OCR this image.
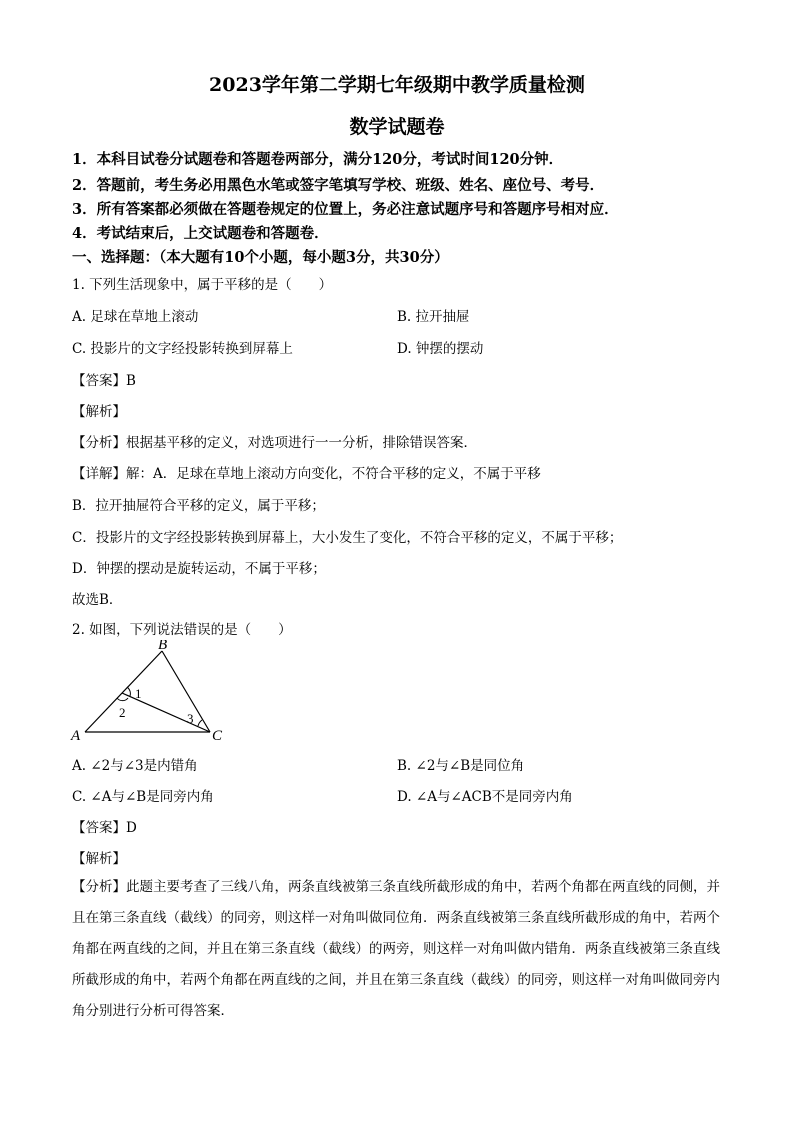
2023学年第二学期七年级期中教学质量检测
数学试题卷
1．本科目试卷分试题卷和答题卷两部分，满分120分，考试时间120分钟．
2．答题前，考生务必用黑色水笔或签字笔填写学校、班级、姓名、座位号、考号．
3．所有答案都必须做在答题卷规定的位置上，务必注意试题序号和答题序号相对应．
4．考试结束后，上交试题卷和答题卷．
一、选择题：（本大题有10个小题，每小题3分，共30分）
1. 下列生活现象中，属于平移的是（　　）
A. 足球在草地上滚动	B. 拉开抽屉
C. 投影片的文字经投影转换到屏幕上	D. 钟摆的摆动
【答案】B
【解析】
【分析】根据基平移的定义，对选项进行一一分析，排除错误答案．
【详解】解：A．足球在草地上滚动方向变化，不符合平移的定义，不属于平移
B．拉开抽屉符合平移的定义，属于平移；
C．投影片的文字经投影转换到屏幕上，大小发生了变化，不符合平移的定义，不属于平移；
D．钟摆的摆动是旋转运动，不属于平移；
故选B．
2. 如图，下列说法错误的是（　　）
A
B
C
1
2	3
A. ∠2与∠3是内错角	B. ∠2与∠B是同位角
C. ∠A与∠B是同旁内角	D. ∠A与∠ACB不是同旁内角
【答案】D
【解析】
【分析】此题主要考查了三线八角，两条直线被第三条直线所截形成的角中，若两个角都在两直线的同侧，并且在第三条直线（截线）的同旁，则这样一对角叫做同位角．两条直线被第三条直线所截形成的角中，若两个角都在两直线的之间，并且在第三条直线（截线）的两旁，则这样一对角叫做内错角．两条直线被第三条直线所截形成的角中，若两个角都在两直线的之间，并且在第三条直线（截线）的同旁，则这样一对角叫做同旁内角分别进行分析可得答案．
